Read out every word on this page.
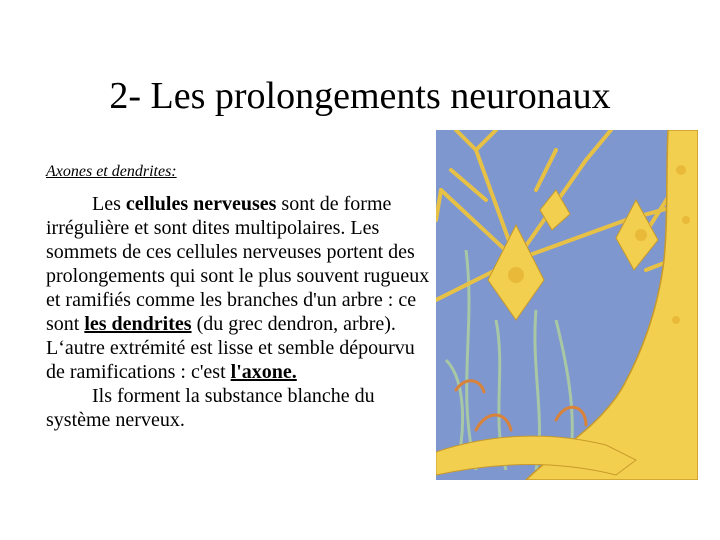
2- Les prolongements neuronaux
Axones et dendrites:

Les cellules nerveuses sont de forme irrégulière et sont dites multipolaires. Les sommets de ces cellules nerveuses portent des prolongements qui sont le plus souvent rugueux et ramifiés comme les branches d'un arbre : ce sont les dendrites (du grec dendron, arbre). L‘autre extrémité est lisse et semble dépourvu de ramifications : c'est l'axone.

Ils forment la substance blanche du système nerveux.
